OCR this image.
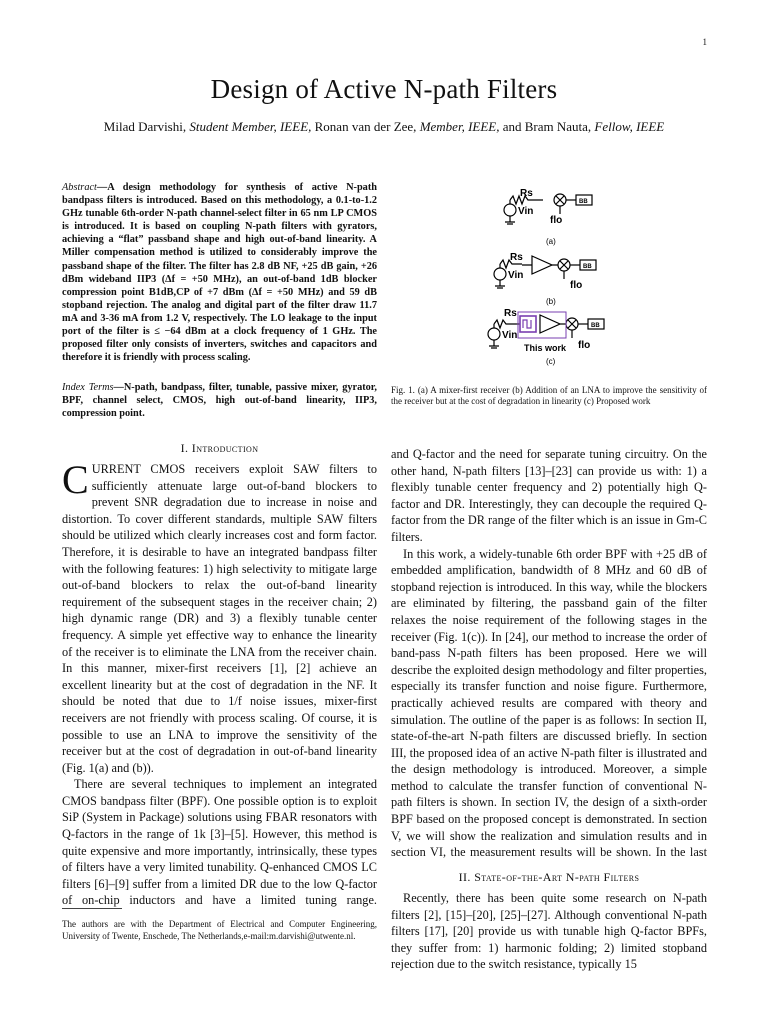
1
Design of Active N-path Filters
Milad Darvishi, Student Member, IEEE, Ronan van der Zee, Member, IEEE, and Bram Nauta, Fellow, IEEE
Abstract—A design methodology for synthesis of active N-path bandpass filters is introduced. Based on this methodology, a 0.1-to-1.2 GHz tunable 6th-order N-path channel-select filter in 65 nm LP CMOS is introduced. It is based on coupling N-path filters with gyrators, achieving a “flat” passband shape and high out-of-band linearity. A Miller compensation method is utilized to considerably improve the passband shape of the filter. The filter has 2.8 dB NF, +25 dB gain, +26 dBm wideband IIP3 (Δf = +50 MHz), an out-of-band 1dB blocker compression point B1dB,CP of +7 dBm (Δf = +50 MHz) and 59 dB stopband rejection. The analog and digital part of the filter draw 11.7 mA and 3-36 mA from 1.2 V, respectively. The LO leakage to the input port of the filter is ≤ −64 dBm at a clock frequency of 1 GHz. The proposed filter only consists of inverters, switches and capacitors and therefore it is friendly with process scaling.
Index Terms—N-path, bandpass, filter, tunable, passive mixer, gyrator, BPF, channel select, CMOS, high out-of-band linearity, IIP3, compression point.
I. Introduction

CURRENT CMOS receivers exploit SAW filters to sufficiently attenuate large out-of-band blockers to prevent SNR degradation due to increase in noise and distortion. To cover different standards, multiple SAW filters should be utilized which clearly increases cost and form factor. Therefore, it is desirable to have an integrated bandpass filter with the following features: 1) high selectivity to mitigate large out-of-band blockers to relax the out-of-band linearity requirement of the subsequent stages in the receiver chain; 2) high dynamic range (DR) and 3) a flexibly tunable center frequency. A simple yet effective way to enhance the linearity of the receiver is to eliminate the LNA from the receiver chain. In this manner, mixer-first receivers [1], [2] achieve an excellent linearity but at the cost of degradation in the NF. It should be noted that due to 1/f noise issues, mixer-first receivers are not friendly with process scaling. Of course, it is possible to use an LNA to improve the sensitivity of the receiver but at the cost of degradation in out-of-band linearity (Fig. 1(a) and (b)).

There are several techniques to implement an integrated CMOS bandpass filter (BPF). One possible option is to exploit SiP (System in Package) solutions using FBAR resonators with Q-factors in the range of 1k [3]–[5]. However, this method is quite expensive and more importantly, intrinsically, these types of filters have a very limited tunability. Q-enhanced CMOS LC filters [6]–[9] suffer from a limited DR due to the low Q-factor of on-chip inductors and have a limited tuning range.

The authors are with the Department of Electrical and Computer Engineering, University of Twente, Enschede, The Netherlands,e-mail:m.darvishi@utwente.nl.
Rs
Vin
flo
BB
(a)
Rs
Vin
flo
BB
(b)
Rs
Vin
flo
BB
This work
(c)
Fig. 1. (a) A mixer-first receiver (b) Addition of an LNA to improve the sensitivity of the receiver but at the cost of degradation in linearity (c) Proposed work

and Q-factor and the need for separate tuning circuitry. On the other hand, N-path filters [13]–[23] can provide us with: 1) a flexibly tunable center frequency and 2) potentially high Q-factor and DR. Interestingly, they can decouple the required Q-factor from the DR range of the filter which is an issue in Gm-C filters.

In this work, a widely-tunable 6th order BPF with +25 dB of embedded amplification, bandwidth of 8 MHz and 60 dB of stopband rejection is introduced. In this way, while the blockers are eliminated by filtering, the passband gain of the filter relaxes the noise requirement of the following stages in the receiver (Fig. 1(c)). In [24], our method to increase the order of band-pass N-path filters has been proposed. Here we will describe the exploited design methodology and filter properties, especially its transfer function and noise figure. Furthermore, practically achieved results are compared with theory and simulation. The outline of the paper is as follows: In section II, state-of-the-art N-path filters are discussed briefly. In section III, the proposed idea of an active N-path filter is illustrated and the design methodology is introduced. Moreover, a simple method to calculate the transfer function of conventional N-path filters is shown. In section IV, the design of a sixth-order BPF based on the proposed concept is demonstrated. In section V, we will show the realization and simulation results and in section VI, the measurement results will be shown. In the last

II. State-of-the-Art N-path Filters

Recently, there has been quite some research on N-path filters [2], [15]–[20], [25]–[27]. Although conventional N-path filters [17], [20] provide us with tunable high Q-factor BPFs, they suffer from: 1) harmonic folding; 2) limited stopband rejection due to the switch resistance, typically 15
